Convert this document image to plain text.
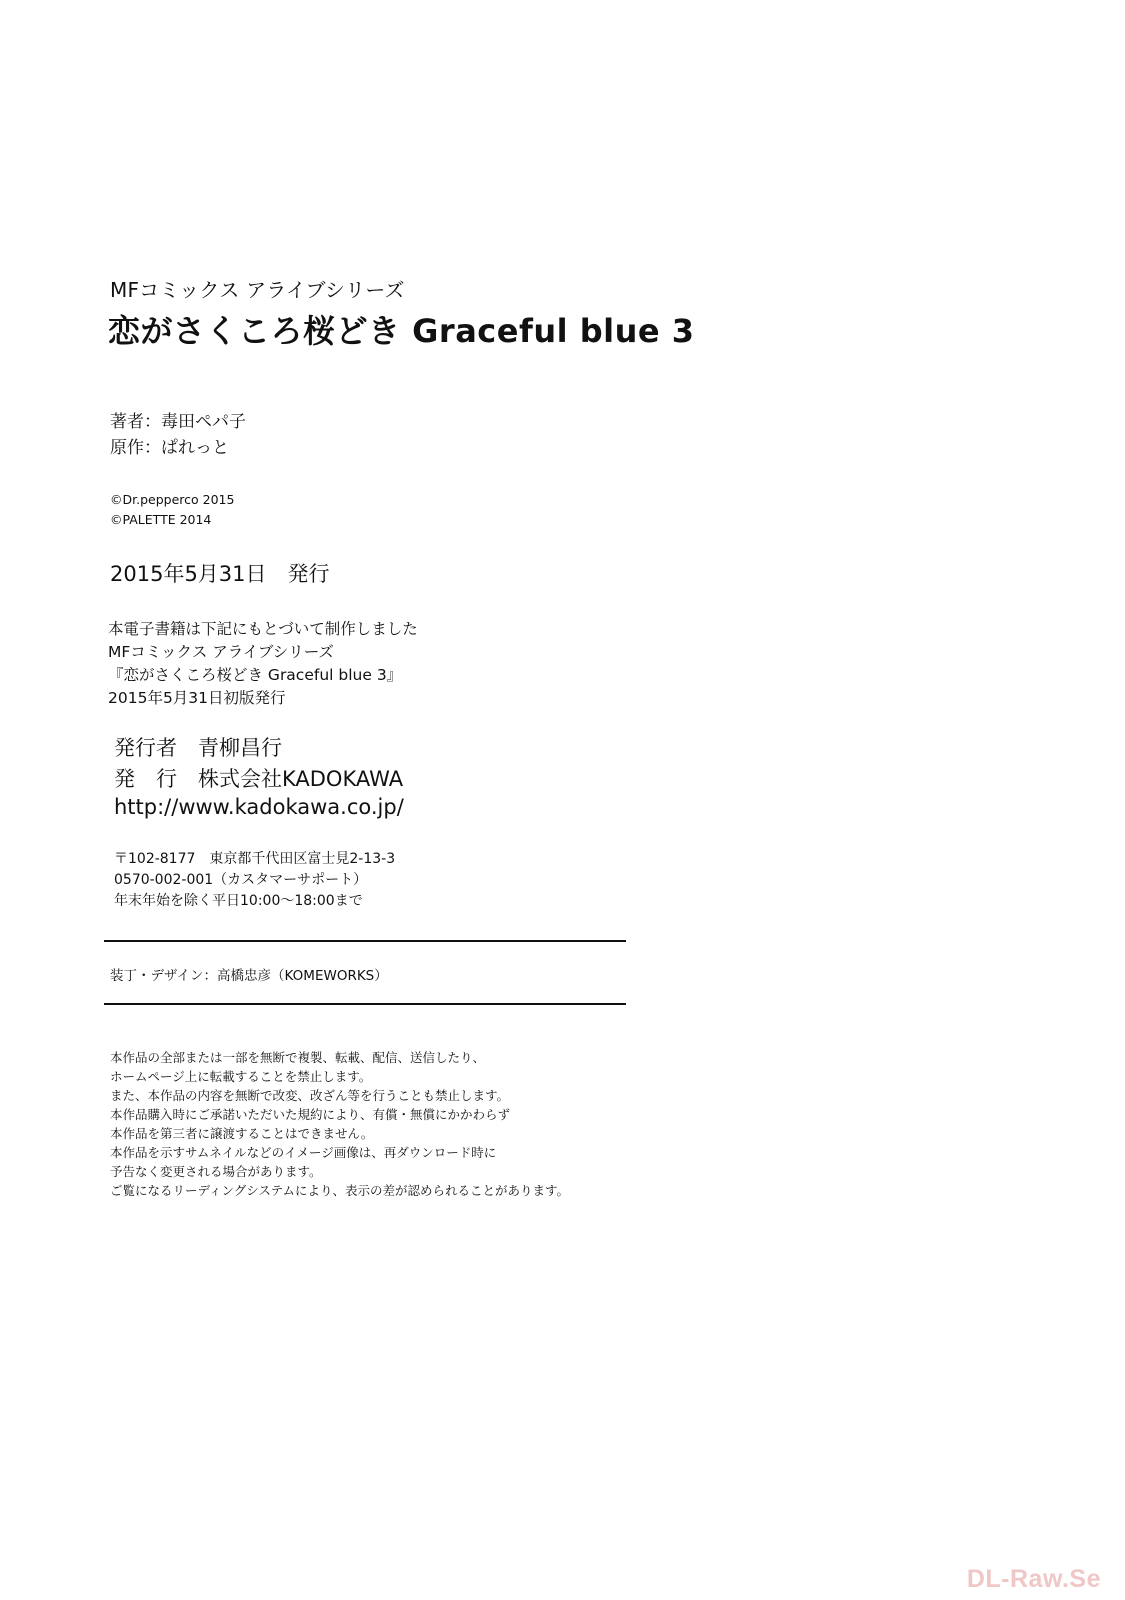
MFコミックス アライブシリーズ
恋がさくころ桜どき Graceful blue 3
著者：毒田ペパ子
原作：ぱれっと
©Dr.pepperco 2015
©PALETTE 2014
2015年5月31日　発行
本電子書籍は下記にもとづいて制作しました
MFコミックス アライブシリーズ
『恋がさくころ桜どき Graceful blue 3』
2015年5月31日初版発行
発行者　青柳昌行
発　行　株式会社KADOKAWA
http://www.kadokawa.co.jp/
〒102-8177　東京都千代田区富士見2-13-3
0570-002-001（カスタマーサポート）
年末年始を除く平日10:00～18:00まで
装丁・デザイン：高橋忠彦（KOMEWORKS）
本作品の全部または一部を無断で複製、転載、配信、送信したり、
ホームページ上に転載することを禁止します。
また、本作品の内容を無断で改変、改ざん等を行うことも禁止します。
本作品購入時にご承諾いただいた規約により、有償・無償にかかわらず
本作品を第三者に譲渡することはできません。
本作品を示すサムネイルなどのイメージ画像は、再ダウンロード時に
予告なく変更される場合があります。
ご覧になるリーディングシステムにより、表示の差が認められることがあります。
DL-Raw.Se
